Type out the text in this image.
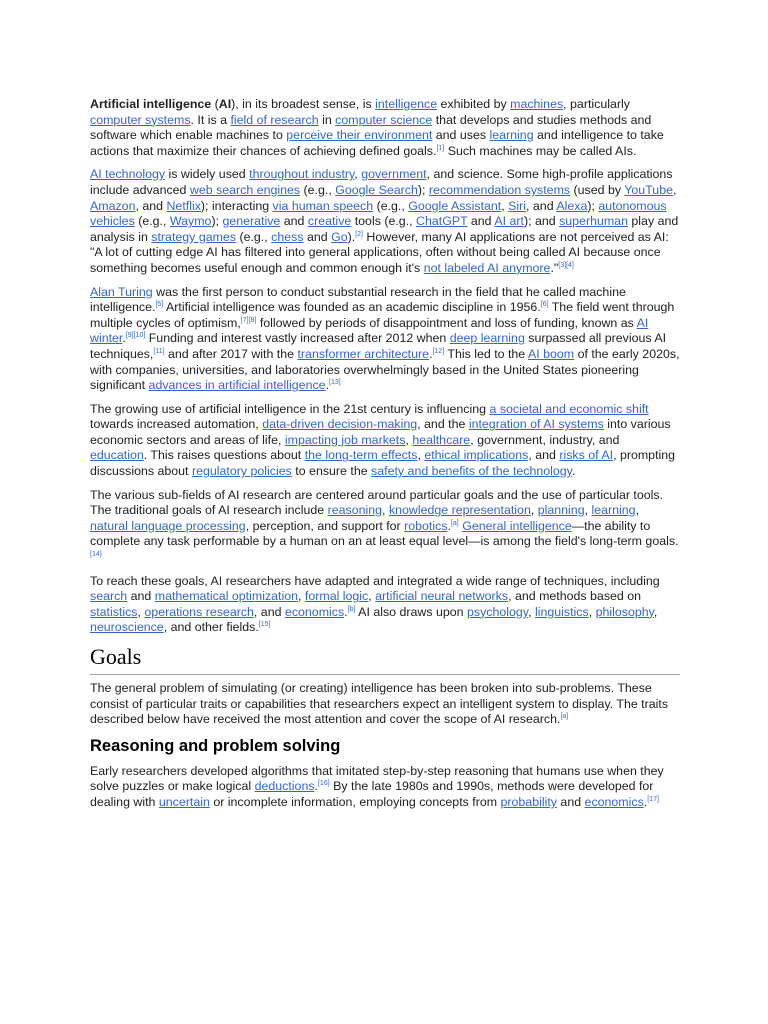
Artificial intelligence (AI), in its broadest sense, is intelligence exhibited by machines, particularly computer systems. It is a field of research in computer science that develops and studies methods and software which enable machines to perceive their environment and uses learning and intelligence to take actions that maximize their chances of achieving defined goals.[1] Such machines may be called AIs.

AI technology is widely used throughout industry, government, and science. Some high-profile applications include advanced web search engines (e.g., Google Search); recommendation systems (used by YouTube, Amazon, and Netflix); interacting via human speech (e.g., Google Assistant, Siri, and Alexa); autonomous vehicles (e.g., Waymo); generative and creative tools (e.g., ChatGPT and AI art); and superhuman play and analysis in strategy games (e.g., chess and Go).[2] However, many AI applications are not perceived as AI: "A lot of cutting edge AI has filtered into general applications, often without being called AI because once something becomes useful enough and common enough it's not labeled AI anymore."[3][4]

Alan Turing was the first person to conduct substantial research in the field that he called machine intelligence.[5] Artificial intelligence was founded as an academic discipline in 1956.[6] The field went through multiple cycles of optimism,[7][8] followed by periods of disappointment and loss of funding, known as AI winter.[9][10] Funding and interest vastly increased after 2012 when deep learning surpassed all previous AI techniques,[11] and after 2017 with the transformer architecture.[12] This led to the AI boom of the early 2020s, with companies, universities, and laboratories overwhelmingly based in the United States pioneering significant advances in artificial intelligence.[13]

The growing use of artificial intelligence in the 21st century is influencing a societal and economic shift towards increased automation, data-driven decision-making, and the integration of AI systems into various economic sectors and areas of life, impacting job markets, healthcare, government, industry, and education. This raises questions about the long-term effects, ethical implications, and risks of AI, prompting discussions about regulatory policies to ensure the safety and benefits of the technology.

The various sub-fields of AI research are centered around particular goals and the use of particular tools. The traditional goals of AI research include reasoning, knowledge representation, planning, learning, natural language processing, perception, and support for robotics.[a] General intelligence—the ability to complete any task performable by a human on an at least equal level—is among the field's long-term goals.[14]

To reach these goals, AI researchers have adapted and integrated a wide range of techniques, including search and mathematical optimization, formal logic, artificial neural networks, and methods based on statistics, operations research, and economics.[b] AI also draws upon psychology, linguistics, philosophy, neuroscience, and other fields.[15]

Goals

The general problem of simulating (or creating) intelligence has been broken into sub-problems. These consist of particular traits or capabilities that researchers expect an intelligent system to display. The traits described below have received the most attention and cover the scope of AI research.[a]

Reasoning and problem solving

Early researchers developed algorithms that imitated step-by-step reasoning that humans use when they solve puzzles or make logical deductions.[16] By the late 1980s and 1990s, methods were developed for dealing with uncertain or incomplete information, employing concepts from probability and economics.[17]
